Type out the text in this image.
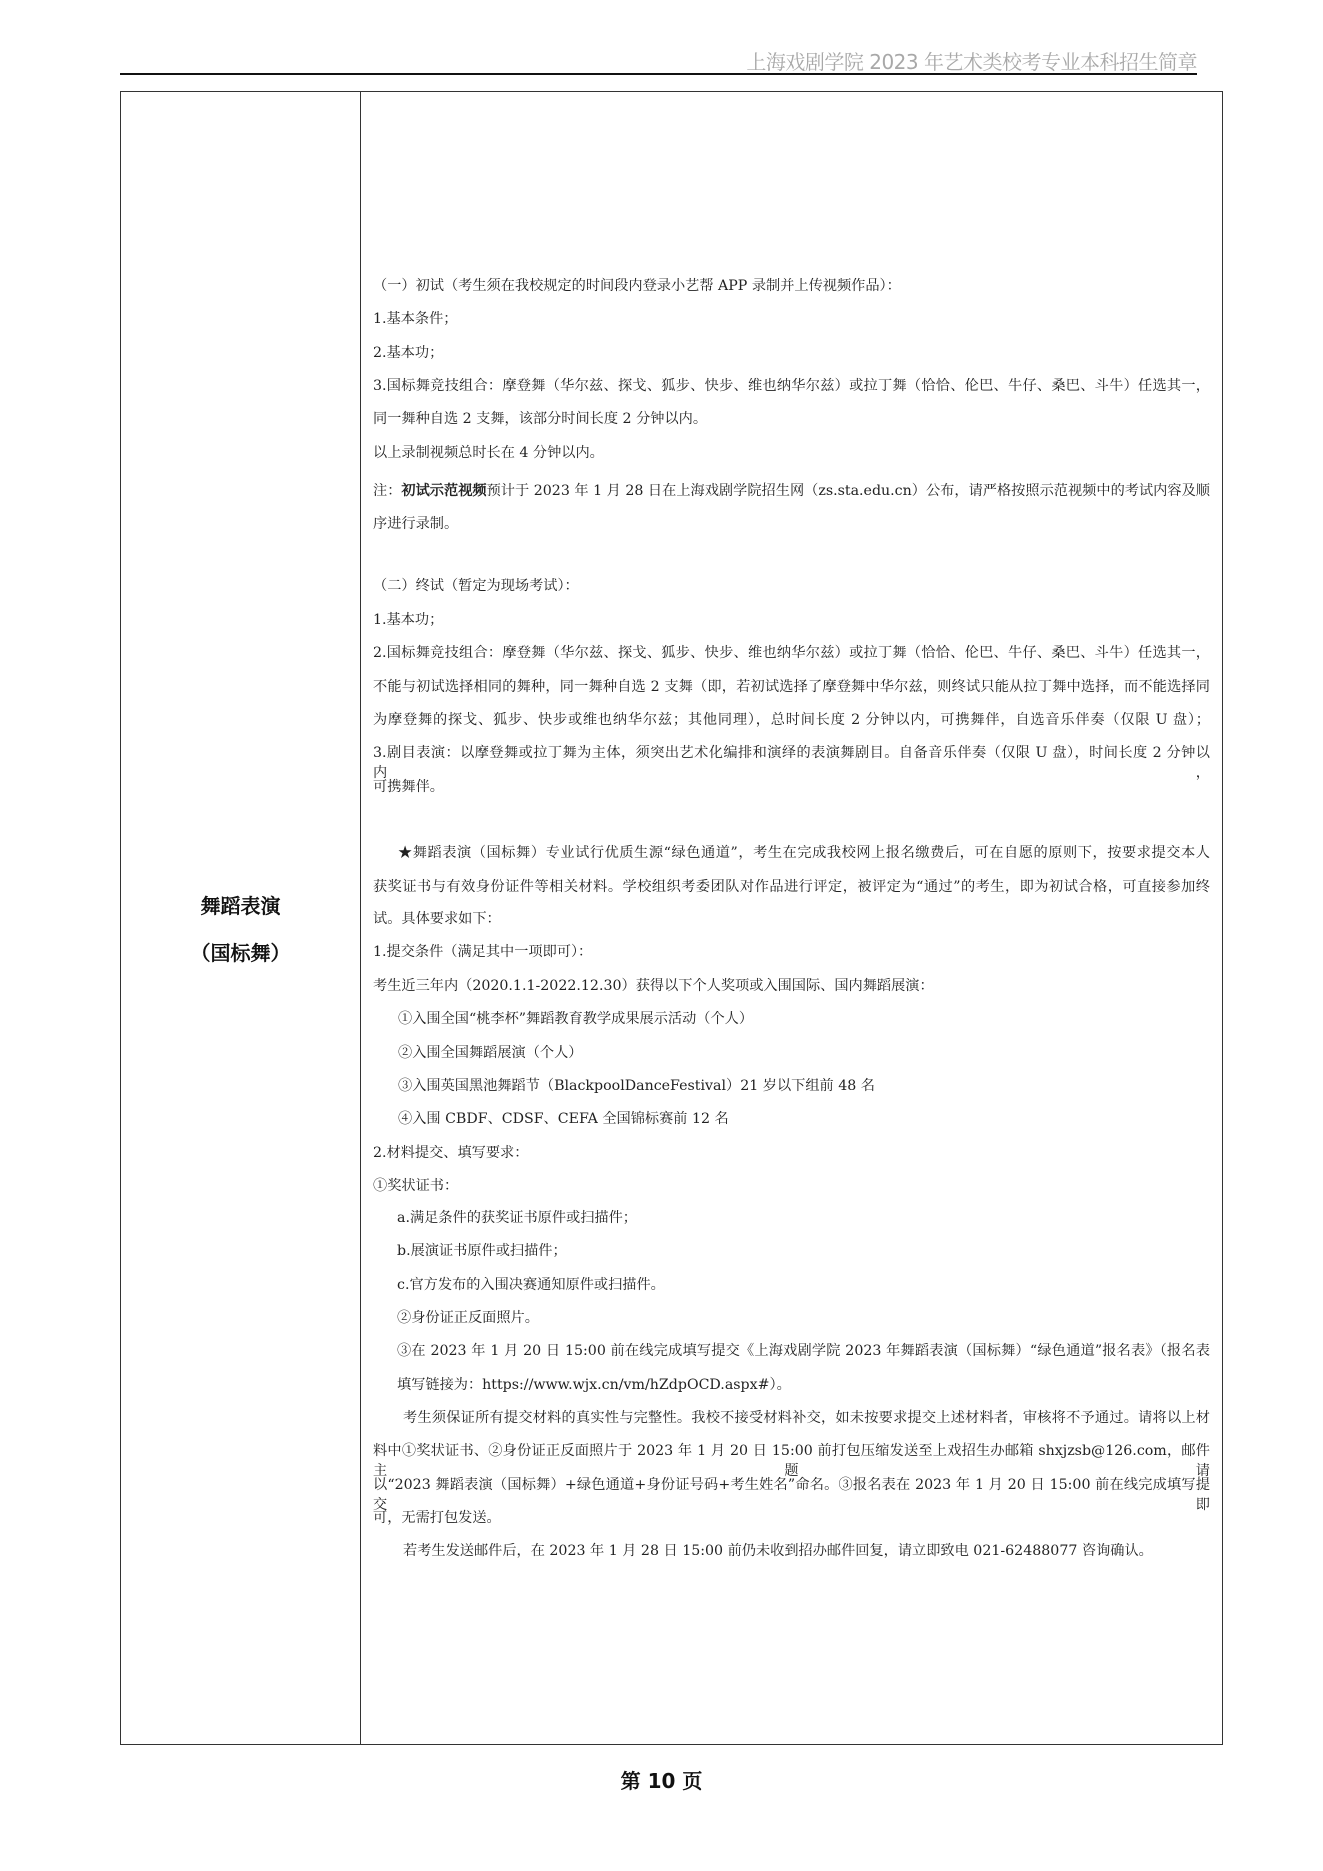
上海戏剧学院 2023 年艺术类校考专业本科招生简章
舞蹈表演
（国标舞）
（一）初试（考生须在我校规定的时间段内登录小艺帮 APP 录制并上传视频作品）：
1.基本条件；
2.基本功；
3.国标舞竞技组合：摩登舞（华尔兹、探戈、狐步、快步、维也纳华尔兹）或拉丁舞（恰恰、伦巴、牛仔、桑巴、斗牛）任选其一，
同一舞种自选 2 支舞，该部分时间长度 2 分钟以内。
以上录制视频总时长在 4 分钟以内。
注：初试示范视频预计于 2023 年 1 月 28 日在上海戏剧学院招生网（zs.sta.edu.cn）公布，请严格按照示范视频中的考试内容及顺
序进行录制。
（二）终试（暂定为现场考试）：
1.基本功；
2.国标舞竞技组合：摩登舞（华尔兹、探戈、狐步、快步、维也纳华尔兹）或拉丁舞（恰恰、伦巴、牛仔、桑巴、斗牛）任选其一，
不能与初试选择相同的舞种，同一舞种自选 2 支舞（即，若初试选择了摩登舞中华尔兹，则终试只能从拉丁舞中选择，而不能选择同
为摩登舞的探戈、狐步、快步或维也纳华尔兹；其他同理），总时间长度 2 分钟以内，可携舞伴，自选音乐伴奏（仅限 U 盘）；
3.剧目表演：以摩登舞或拉丁舞为主体，须突出艺术化编排和演绎的表演舞剧目。自备音乐伴奏（仅限 U 盘），时间长度 2 分钟以内，
可携舞伴。
★舞蹈表演（国标舞）专业试行优质生源“绿色通道”，考生在完成我校网上报名缴费后，可在自愿的原则下，按要求提交本人
获奖证书与有效身份证件等相关材料。学校组织考委团队对作品进行评定，被评定为“通过”的考生，即为初试合格，可直接参加终
试。具体要求如下：
1.提交条件（满足其中一项即可）：
考生近三年内（2020.1.1-2022.12.30）获得以下个人奖项或入围国际、国内舞蹈展演：
①入围全国“桃李杯”舞蹈教育教学成果展示活动（个人）
②入围全国舞蹈展演（个人）
③入围英国黑池舞蹈节（BlackpoolDanceFestival）21 岁以下组前 48 名
④入围 CBDF、CDSF、CEFA 全国锦标赛前 12 名
2.材料提交、填写要求：
①奖状证书：
a.满足条件的获奖证书原件或扫描件；
b.展演证书原件或扫描件；
c.官方发布的入围决赛通知原件或扫描件。
②身份证正反面照片。
③在 2023 年 1 月 20 日 15:00 前在线完成填写提交《上海戏剧学院 2023 年舞蹈表演（国标舞）“绿色通道”报名表》（报名表
填写链接为：https://www.wjx.cn/vm/hZdpOCD.aspx#）。
考生须保证所有提交材料的真实性与完整性。我校不接受材料补交，如未按要求提交上述材料者，审核将不予通过。请将以上材
料中①奖状证书、②身份证正反面照片于 2023 年 1 月 20 日 15:00 前打包压缩发送至上戏招生办邮箱 shxjzsb@126.com，邮件主题请
以“2023 舞蹈表演（国标舞）+绿色通道+身份证号码+考生姓名”命名。③报名表在 2023 年 1 月 20 日 15:00 前在线完成填写提交即
可，无需打包发送。
若考生发送邮件后，在 2023 年 1 月 28 日 15:00 前仍未收到招办邮件回复，请立即致电 021-62488077 咨询确认。
第 10 页
